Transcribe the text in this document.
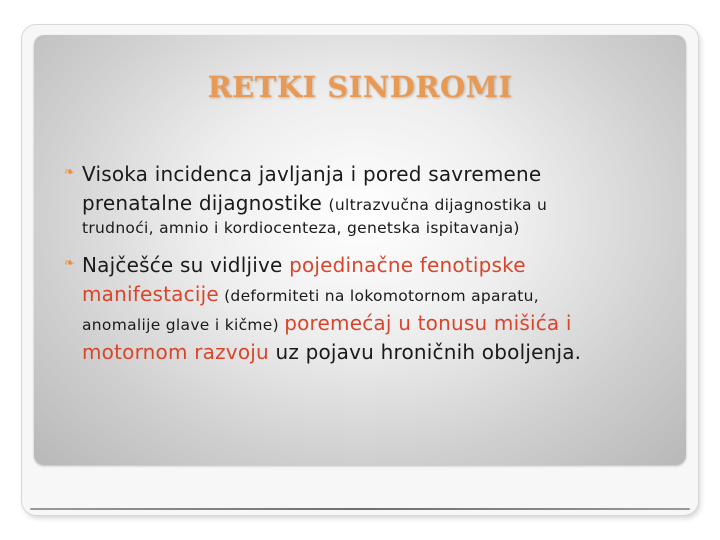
RETKI SINDROMI
❧ Visoka incidenca javljanja i pored savremene
prenatalne dijagnostike (ultrazvučna dijagnostika u
trudnoći, amnio i kordiocenteza, genetska ispitavanja)
❧ Najčešće su vidljive pojedinačne fenotipske
manifestacije (deformiteti na lokomotornom aparatu,
anomalije glave i kičme) poremećaj u tonusu mišića i
motornom razvoju uz pojavu hroničnih oboljenja.
